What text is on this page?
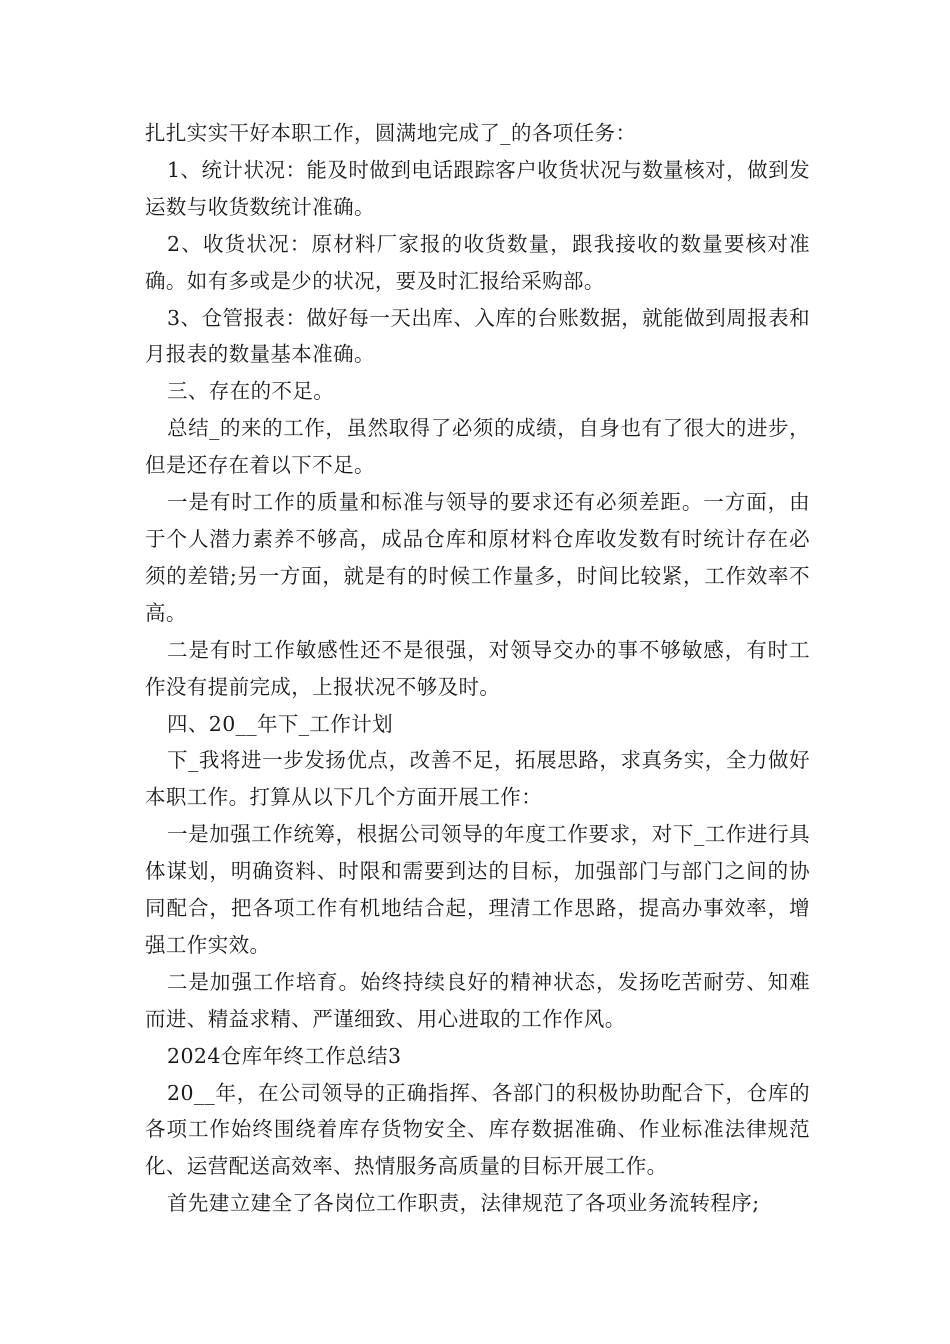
扎扎实实干好本职工作，圆满地完成了_的各项任务：

1、统计状况：能及时做到电话跟踪客户收货状况与数量核对，做到发运数与收货数统计准确。

2、收货状况：原材料厂家报的收货数量，跟我接收的数量要核对准确。如有多或是少的状况，要及时汇报给采购部。

3、仓管报表：做好每一天出库、入库的台账数据，就能做到周报表和月报表的数量基本准确。

三、存在的不足。

总结_的来的工作，虽然取得了必须的成绩，自身也有了很大的进步，但是还存在着以下不足。

一是有时工作的质量和标准与领导的要求还有必须差距。一方面，由于个人潜力素养不够高，成品仓库和原材料仓库收发数有时统计存在必须的差错;另一方面，就是有的时候工作量多，时间比较紧，工作效率不高。

二是有时工作敏感性还不是很强，对领导交办的事不够敏感，有时工作没有提前完成，上报状况不够及时。

四、20__年下_工作计划

下_我将进一步发扬优点，改善不足，拓展思路，求真务实，全力做好本职工作。打算从以下几个方面开展工作：

一是加强工作统筹，根据公司领导的年度工作要求，对下_工作进行具体谋划，明确资料、时限和需要到达的目标，加强部门与部门之间的协同配合，把各项工作有机地结合起，理清工作思路，提高办事效率，增强工作实效。

二是加强工作培育。始终持续良好的精神状态，发扬吃苦耐劳、知难而进、精益求精、严谨细致、用心进取的工作作风。

2024仓库年终工作总结3

20__年，在公司领导的正确指挥、各部门的积极协助配合下，仓库的各项工作始终围绕着库存货物安全、库存数据准确、作业标准法律规范化、运营配送高效率、热情服务高质量的目标开展工作。

首先建立建全了各岗位工作职责，法律规范了各项业务流转程序;
